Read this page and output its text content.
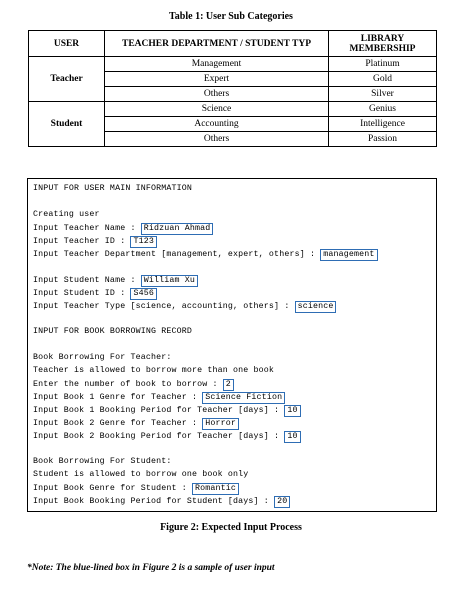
Table 1: User Sub Categories
USER	TEACHER DEPARTMENT / STUDENT TYP	LIBRARY MEMBERSHIP
Teacher	Management	Platinum
	Expert	Gold
	Others	Silver
Student	Science	Genius
	Accounting	Intelligence
	Others	Passion
INPUT FOR USER MAIN INFORMATION
Creating user
Input Teacher Name : Ridzuan Ahmad
Input Teacher ID : T123
Input Teacher Department [management, expert, others] : management
Input Student Name : William Xu
Input Student ID : S456
Input Teacher Type [science, accounting, others] : science
INPUT FOR BOOK BORROWING RECORD
Book Borrowing For Teacher:
Teacher is allowed to borrow more than one book
Enter the number of book to borrow : 2
Input Book 1 Genre for Teacher : Science Fiction
Input Book 1 Booking Period for Teacher [days] : 10
Input Book 2 Genre for Teacher : Horror
Input Book 2 Booking Period for Teacher [days] : 10
Book Borrowing For Student:
Student is allowed to borrow one book only
Input Book Genre for Student : Romantic
Input Book Booking Period for Student [days] : 20
Figure 2: Expected Input Process
*Note: The blue-lined box in Figure 2 is a sample of user input
